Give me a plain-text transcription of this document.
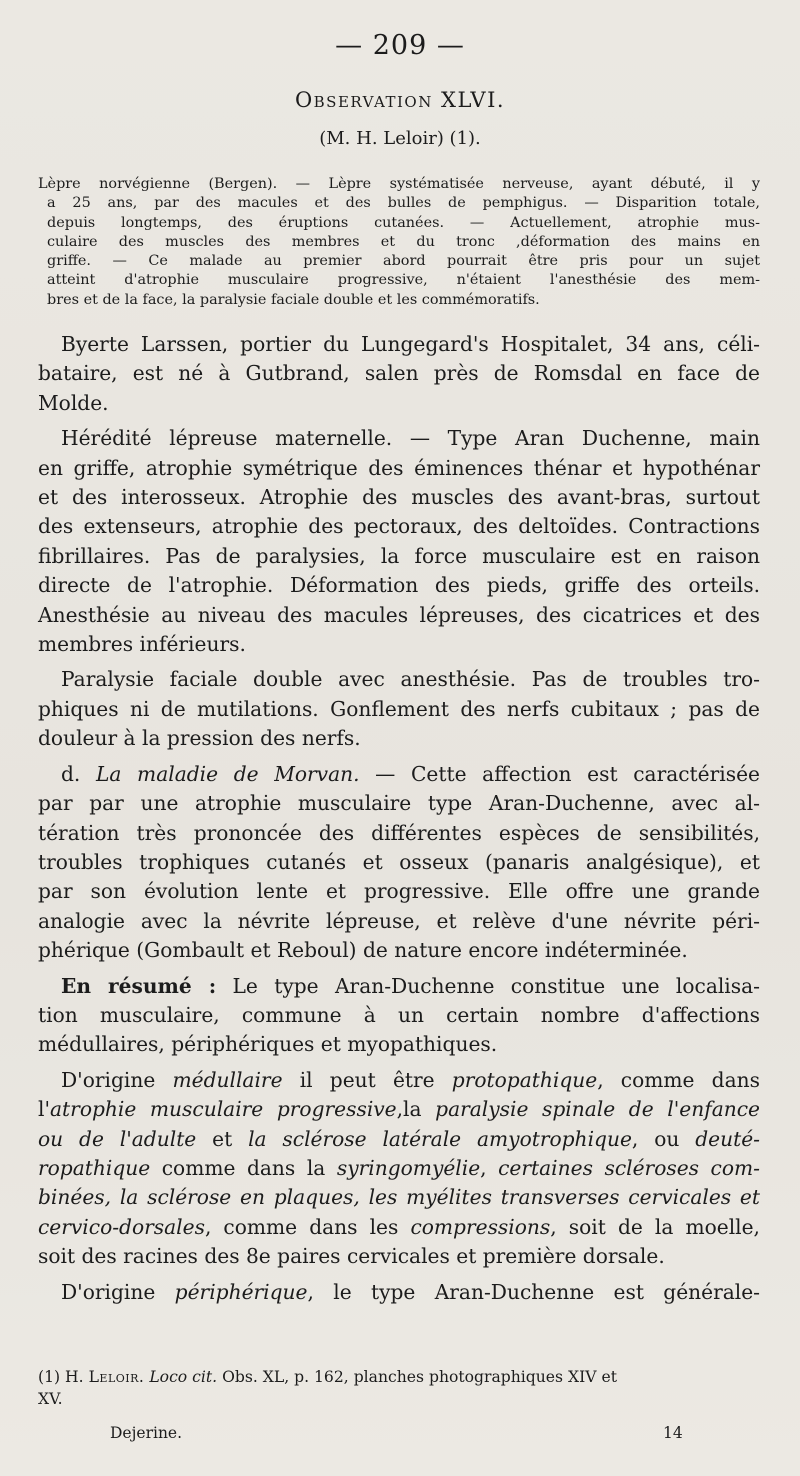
— 209 —
Observation XLVI.
(M. H. Leloir) (1).
Lèpre norvégienne (Bergen). — Lèpre systématisée nerveuse, ayant débuté, il y
a 25 ans, par des macules et des bulles de pemphigus. — Disparition totale,
depuis longtemps, des éruptions cutanées. — Actuellement, atrophie mus-
culaire des muscles des membres et du tronc ,déformation des mains en
griffe. — Ce malade au premier abord pourrait être pris pour un sujet
atteint d'atrophie musculaire progressive, n'étaient l'anesthésie des mem-
bres et de la face, la paralysie faciale double et les commémoratifs.
Byerte Larssen, portier du Lungegard's Hospitalet, 34 ans, céli-
bataire, est né à Gutbrand, salen près de Romsdal en face de
Molde.
Hérédité lépreuse maternelle. — Type Aran Duchenne, main
en griffe, atrophie symétrique des éminences thénar et hypothénar
et des interosseux. Atrophie des muscles des avant-bras, surtout
des extenseurs, atrophie des pectoraux, des deltoïdes. Contractions
fibrillaires. Pas de paralysies, la force musculaire est en raison
directe de l'atrophie. Déformation des pieds, griffe des orteils.
Anesthésie au niveau des macules lépreuses, des cicatrices et des
membres inférieurs.
Paralysie faciale double avec anesthésie. Pas de troubles tro-
phiques ni de mutilations. Gonflement des nerfs cubitaux ; pas de
douleur à la pression des nerfs.
d. La maladie de Morvan. — Cette affection est caractérisée
par par une atrophie musculaire type Aran-Duchenne, avec al-
tération très prononcée des différentes espèces de sensibilités,
troubles trophiques cutanés et osseux (panaris analgésique), et
par son évolution lente et progressive. Elle offre une grande
analogie avec la névrite lépreuse, et relève d'une névrite péri-
phérique (Gombault et Reboul) de nature encore indéterminée.
En résumé : Le type Aran-Duchenne constitue une localisa-
tion musculaire, commune à un certain nombre d'affections
médullaires, périphériques et myopathiques.
D'origine médullaire il peut être protopathique, comme dans
l'atrophie musculaire progressive,la paralysie spinale de l'enfance
ou de l'adulte et la sclérose latérale amyotrophique, ou deuté-
ropathique comme dans la syringomyélie, certaines scléroses com-
binées, la sclérose en plaques, les myélites transverses cervicales et
cervico-dorsales, comme dans les compressions, soit de la moelle,
soit des racines des 8e paires cervicales et première dorsale.
D'origine périphérique, le type Aran-Duchenne est générale-
(1) H. Leloir. Loco cit. Obs. XL, p. 162, planches photographiques XIV et
XV.
Dejerine.	14
